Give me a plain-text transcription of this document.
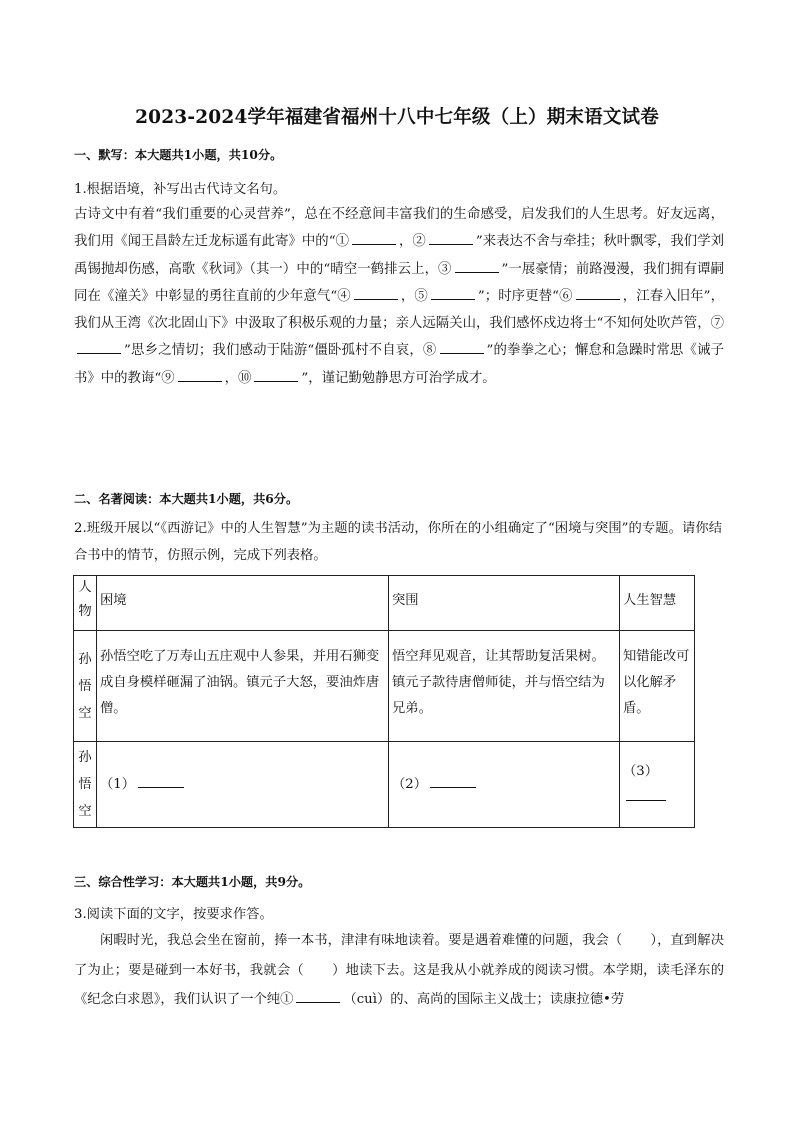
2023-2024学年福建省福州十八中七年级（上）期末语文试卷
一、默写：本大题共1小题，共10分。
1.根据语境，补写出古代诗文名句。
古诗文中有着“我们重要的心灵营养”，总在不经意间丰富我们的生命感受，启发我们的人生思考。好友远离，我们用《闻王昌龄左迁龙标遥有此寄》中的“①	，②	”来表达不舍与牵挂；秋叶飘零，我们学刘禹锡抛却伤感，高歌《秋词》（其一）中的“晴空一鹤排云上，③	”一展豪情；前路漫漫，我们拥有谭嗣同在《潼关》中彰显的勇往直前的少年意气“④	，⑤	”；时序更替“⑥	，江春入旧年”，我们从王湾《次北固山下》中汲取了积极乐观的力量；亲人远隔关山，我们感怀戍边将士“不知何处吹芦管，⑦”思乡之情切；我们感动于陆游“僵卧孤村不自哀，⑧	”的拳拳之心；懈怠和急躁时常思《诫子书》中的教诲“⑨	，⑩	”，谨记勤勉静思方可治学成才。
二、名著阅读：本大题共1小题，共6分。
2.班级开展以“《西游记》中的人生智慧”为主题的读书活动，你所在的小组确定了“困境与突围”的专题。请你结合书中的情节，仿照示例，完成下列表格。
人物	困境	突围	人生智慧
孙悟空	孙悟空吃了万寿山五庄观中人参果，并用石狮变成自身模样砸漏了油锅。镇元子大怒，要油炸唐僧。	悟空拜见观音，让其帮助复活果树。镇元子款待唐僧师徒，并与悟空结为兄弟。	知错能改可以化解矛盾。
孙悟空	（1）	（2）	（3）

三、综合性学习：本大题共1小题，共9分。
3.阅读下面的文字，按要求作答。
闲暇时光，我总会坐在窗前，捧一本书，津津有味地读着。要是遇着难懂的问题，我会（ ），直到解决了为止；要是碰到一本好书，我就会（ ）地读下去。这是我从小就养成的阅读习惯。本学期，读毛泽东的《纪念白求恩》，我们认识了一个纯①	（cuì）的、高尚的国际主义战士；读康拉德•劳
